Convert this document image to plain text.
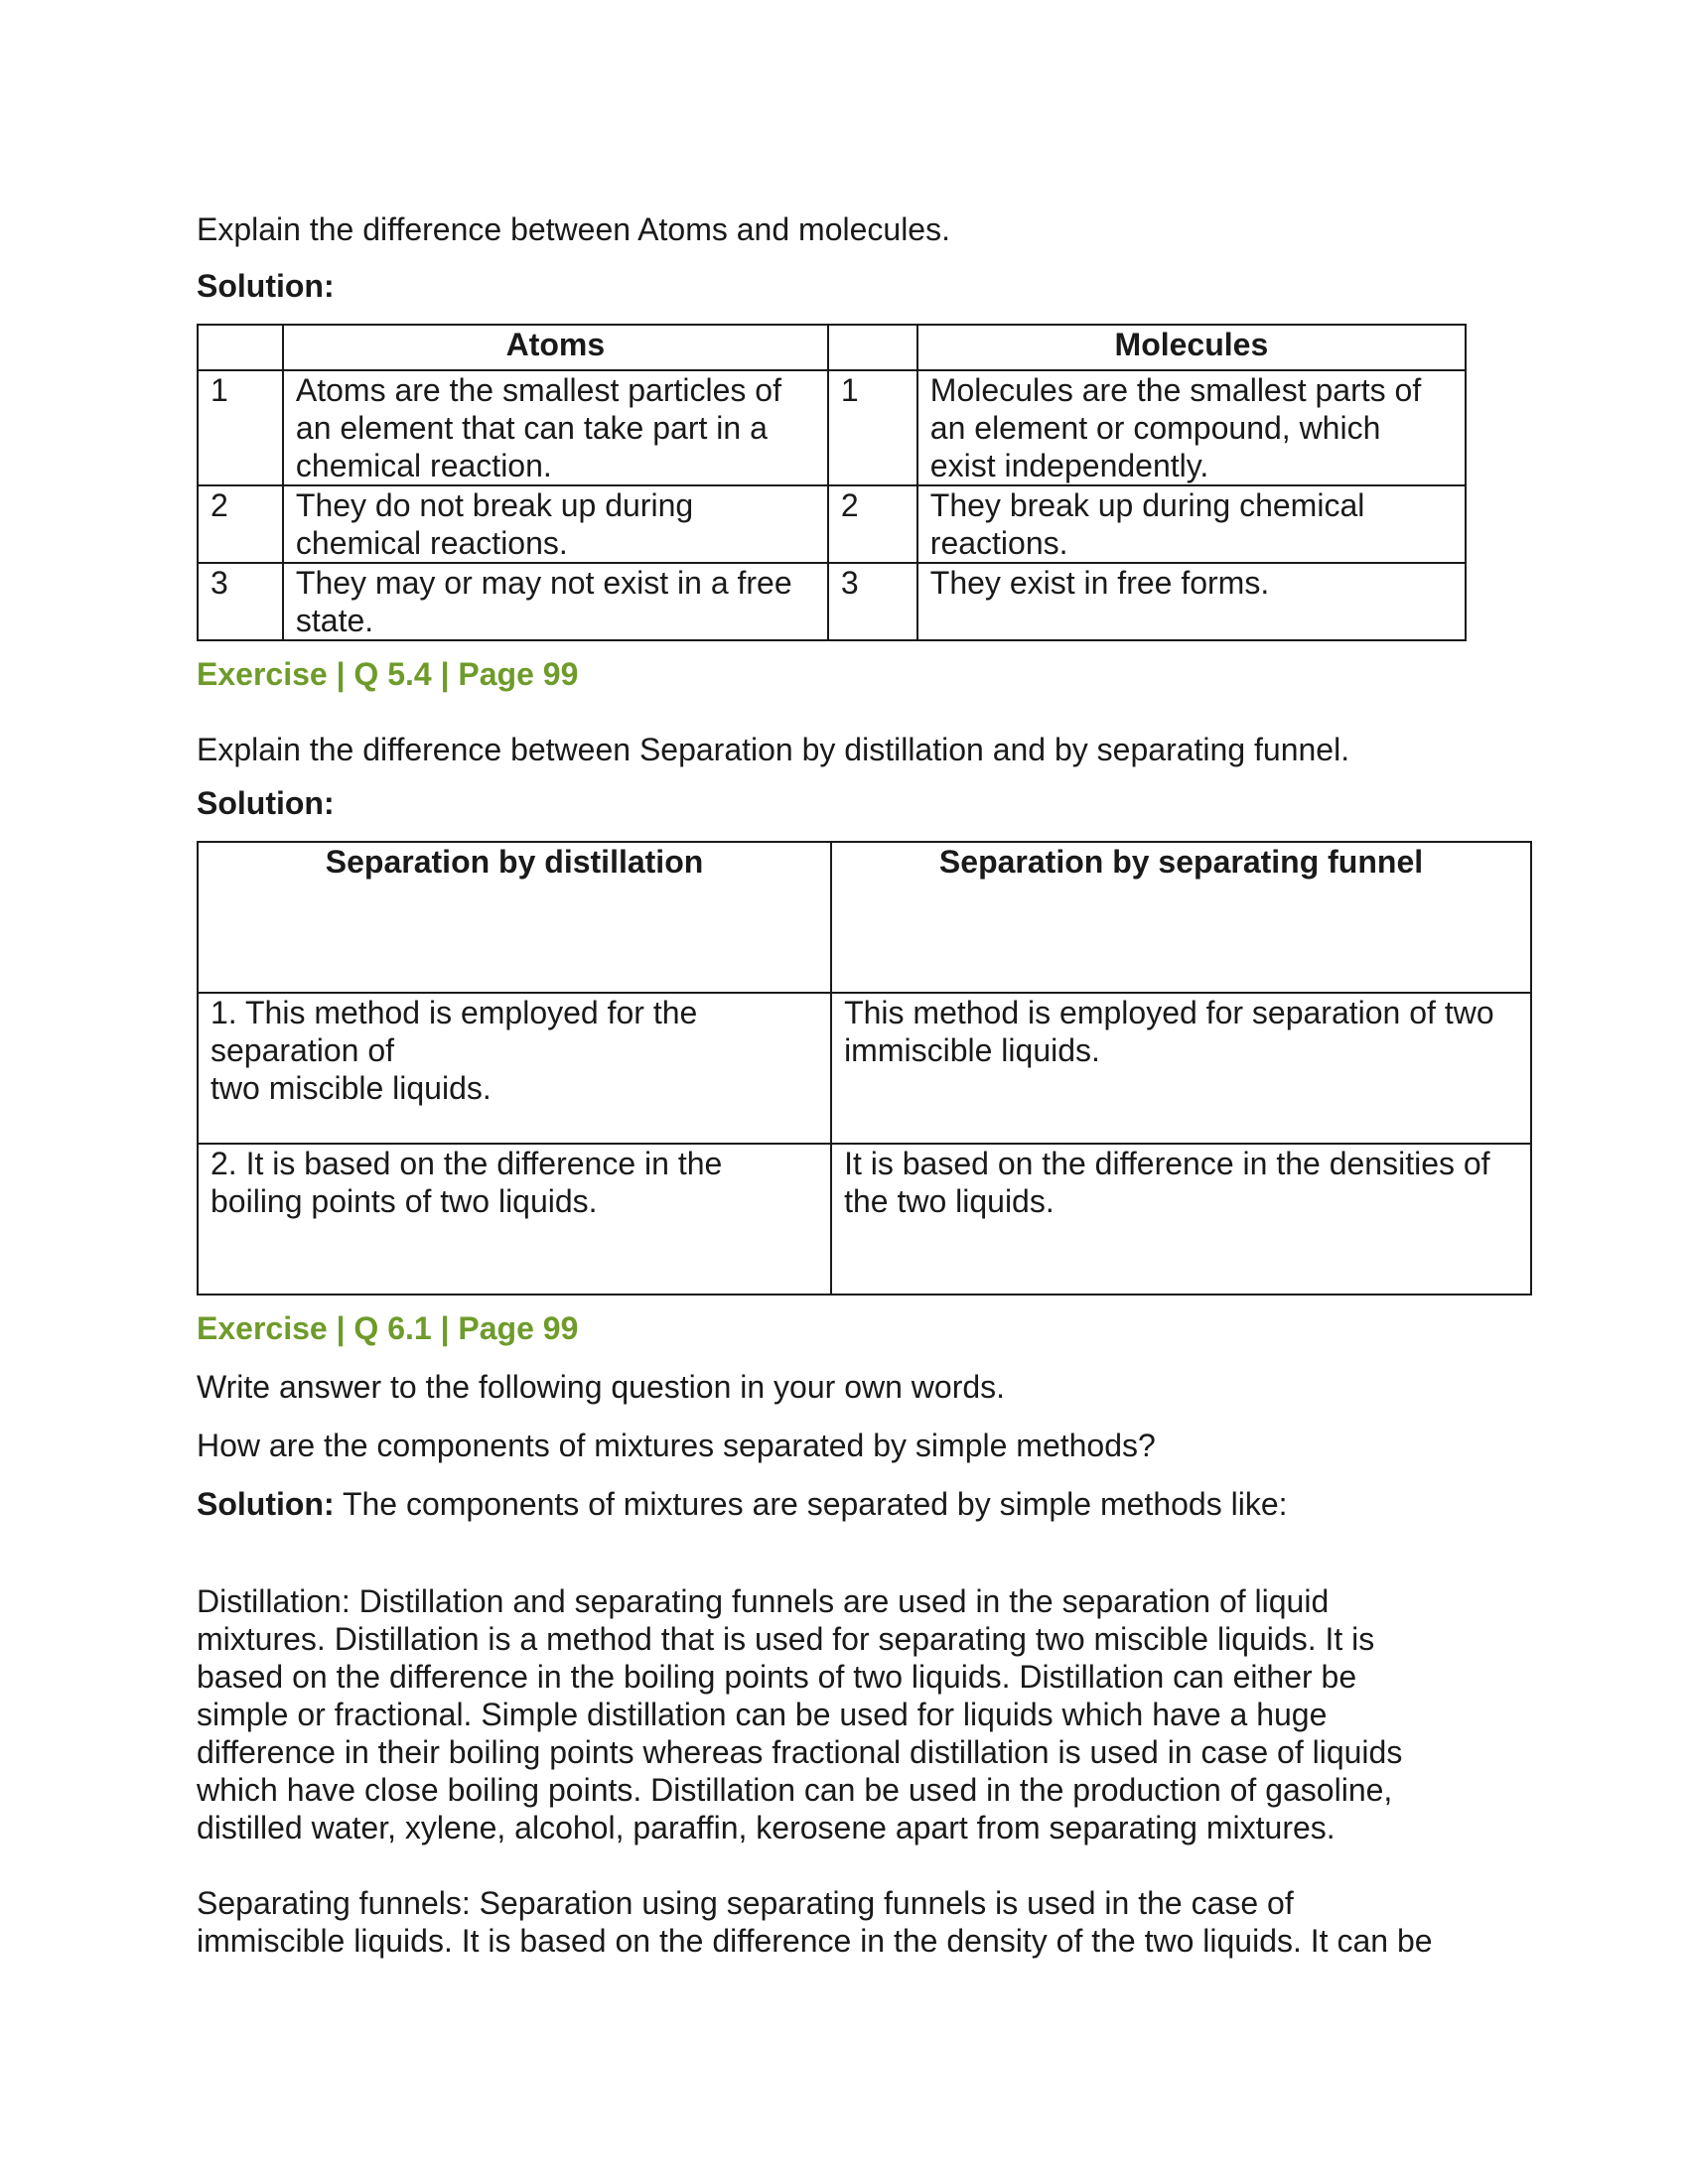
Explain the difference between Atoms and molecules.

Solution:

	Atoms		Molecules
1	Atoms are the smallest particles of an element that can take part in a chemical reaction.	1	Molecules are the smallest parts of an element or compound, which exist independently.
2	They do not break up during chemical reactions.	2	They break up during chemical reactions.
3	They may or may not exist in a free state.	3	They exist in free forms.

Exercise | Q 5.4 | Page 99

Explain the difference between Separation by distillation and by separating funnel.

Solution:

Separation by distillation	Separation by separating funnel

1. This method is employed for the
separation of
two miscible liquids.	This method is employed for separation of two immiscible liquids.

2. It is based on the difference in the
boiling points of two liquids.	It is based on the difference in the densities of the two liquids.

Exercise | Q 6.1 | Page 99

Write answer to the following question in your own words.

How are the components of mixtures separated by simple methods?

Solution: The components of mixtures are separated by simple methods like:

Distillation: Distillation and separating funnels are used in the separation of liquid
mixtures. Distillation is a method that is used for separating two miscible liquids. It is
based on the difference in the boiling points of two liquids. Distillation can either be
simple or fractional. Simple distillation can be used for liquids which have a huge
difference in their boiling points whereas fractional distillation is used in case of liquids
which have close boiling points. Distillation can be used in the production of gasoline,
distilled water, xylene, alcohol, paraffin, kerosene apart from separating mixtures.
Separating funnels: Separation using separating funnels is used in the case of
immiscible liquids. It is based on the difference in the density of the two liquids. It can be
